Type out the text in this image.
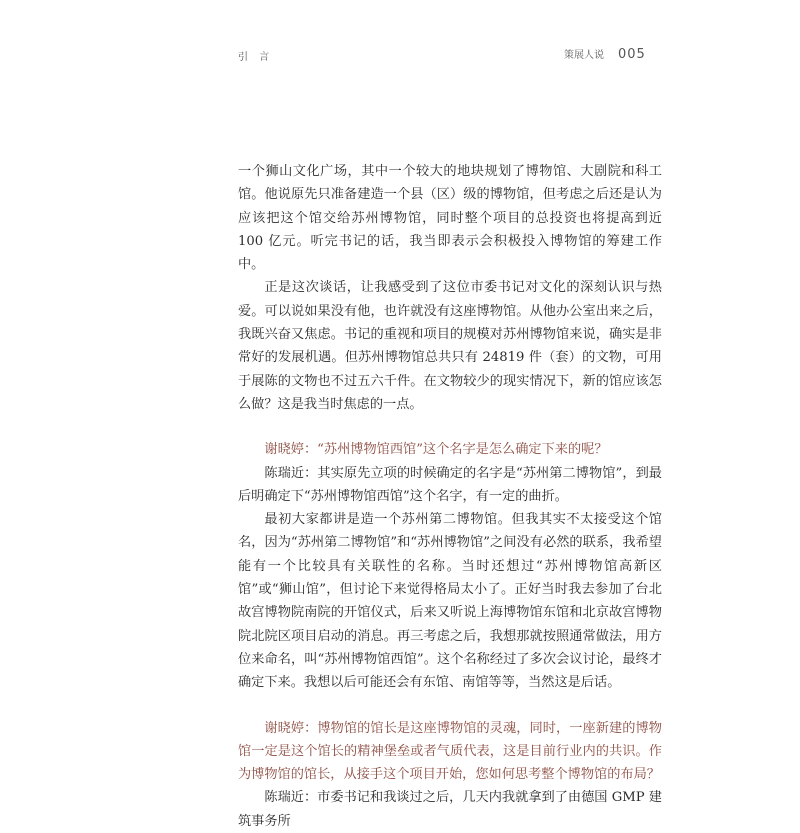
引 言	策展人说 005

一个狮山文化广场，其中一个较大的地块规划了博物馆、大剧院和科工馆。他说原先只准备建造一个县（区）级的博物馆，但考虑之后还是认为应该把这个馆交给苏州博物馆，同时整个项目的总投资也将提高到近 100 亿元。听完书记的话，我当即表示会积极投入博物馆的筹建工作中。

正是这次谈话，让我感受到了这位市委书记对文化的深刻认识与热爱。可以说如果没有他，也许就没有这座博物馆。从他办公室出来之后，我既兴奋又焦虑。书记的重视和项目的规模对苏州博物馆来说，确实是非常好的发展机遇。但苏州博物馆总共只有 24819 件（套）的文物，可用于展陈的文物也不过五六千件。在文物较少的现实情况下，新的馆应该怎么做？这是我当时焦虑的一点。

谢晓婷：“苏州博物馆西馆”这个名字是怎么确定下来的呢？

陈瑞近：其实原先立项的时候确定的名字是“苏州第二博物馆”，到最后明确定下“苏州博物馆西馆”这个名字，有一定的曲折。

最初大家都讲是造一个苏州第二博物馆。但我其实不太接受这个馆名，因为“苏州第二博物馆”和“苏州博物馆”之间没有必然的联系，我希望能有一个比较具有关联性的名称。当时还想过“苏州博物馆高新区馆”或“狮山馆”，但讨论下来觉得格局太小了。正好当时我去参加了台北故宫博物院南院的开馆仪式，后来又听说上海博物馆东馆和北京故宫博物院北院区项目启动的消息。再三考虑之后，我想那就按照通常做法，用方位来命名，叫“苏州博物馆西馆”。这个名称经过了多次会议讨论，最终才确定下来。我想以后可能还会有东馆、南馆等等，当然这是后话。

谢晓婷：博物馆的馆长是这座博物馆的灵魂，同时，一座新建的博物馆一定是这个馆长的精神堡垒或者气质代表，这是目前行业内的共识。作为博物馆的馆长，从接手这个项目开始，您如何思考整个博物馆的布局？

陈瑞近：市委书记和我谈过之后，几天内我就拿到了由德国 GMP 建筑事务所
